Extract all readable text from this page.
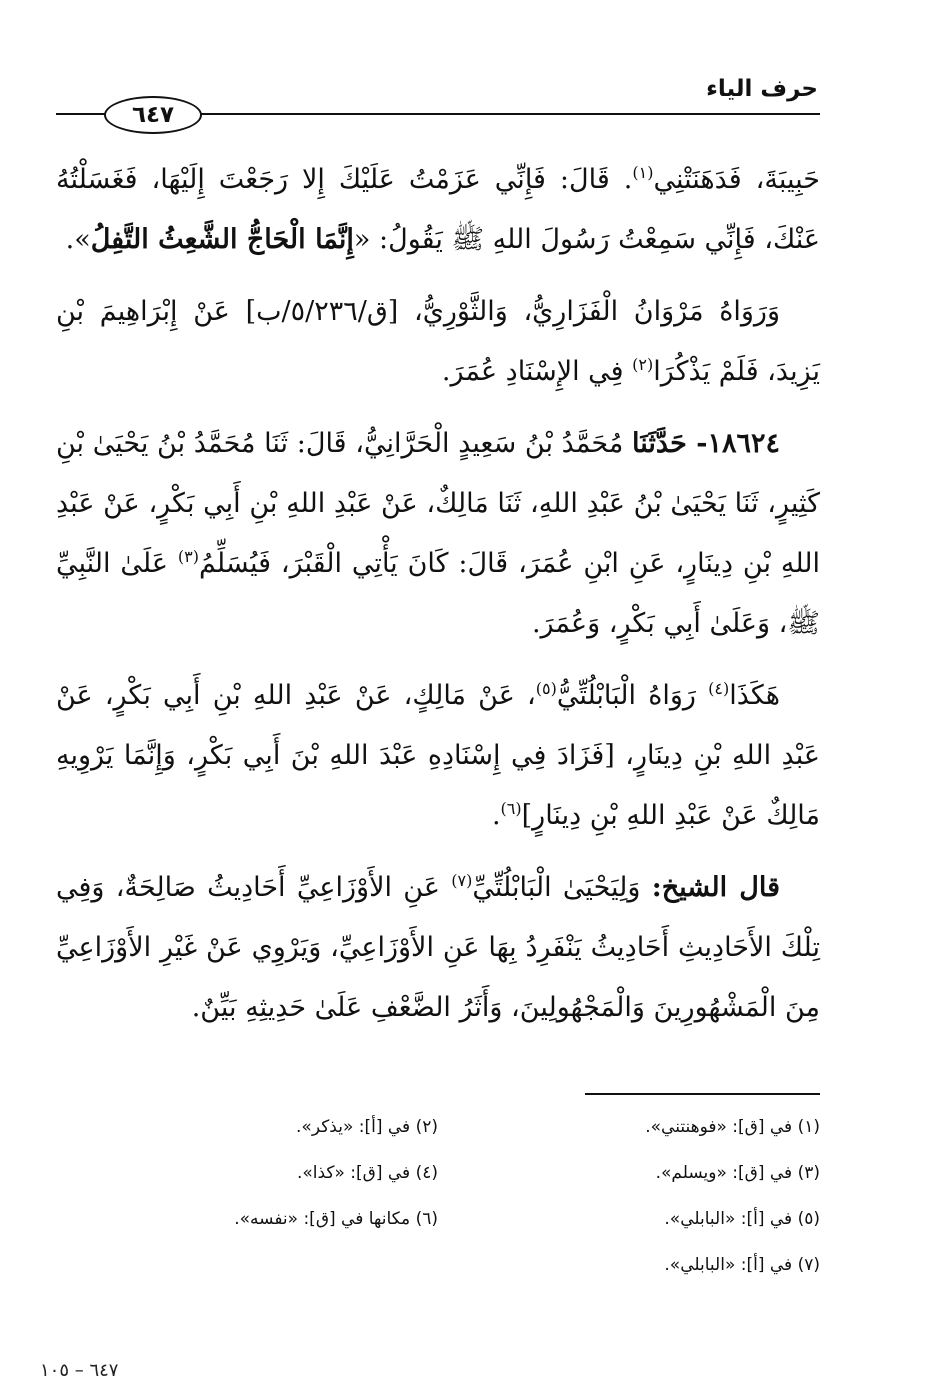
حرف الياء
٦٤٧

حَبِيبَةَ، فَدَهَنَتْنِي$^{(١)}$. قَالَ: فَإِنِّي عَزَمْتُ عَلَيْكَ إِلا رَجَعْتَ إِلَيْهَا، فَغَسَلْتُهُ عَنْكَ، فَإِنِّي سَمِعْتُ رَسُولَ اللهِ ﷺ يَقُولُ: «إِنَّمَا الْحَاجُّ الشَّعِثُ التَّفِلُ».

وَرَوَاهُ مَرْوَانُ الْفَزَارِيُّ، وَالثَّوْرِيُّ، [ق/٥/٢٣٦/ب] عَنْ إِبْرَاهِيمَ بْنِ يَزِيدَ، فَلَمْ يَذْكُرَا$^{(٢)}$ فِي الإِسْنَادِ عُمَرَ.

١٨٦٢٤- حَدَّثَنَا مُحَمَّدُ بْنُ سَعِيدٍ الْحَرَّانِيُّ، قَالَ: ثَنَا مُحَمَّدُ بْنُ يَحْيَىٰ بْنِ كَثِيرٍ، ثَنَا يَحْيَىٰ بْنُ عَبْدِ اللهِ، ثَنَا مَالِكٌ، عَنْ عَبْدِ اللهِ بْنِ أَبِي بَكْرٍ، عَنْ عَبْدِ اللهِ بْنِ دِينَارٍ، عَنِ ابْنِ عُمَرَ، قَالَ: كَانَ يَأْتِي الْقَبْرَ، فَيُسَلِّمُ$^{(٣)}$ عَلَىٰ النَّبِيِّ ﷺ، وَعَلَىٰ أَبِي بَكْرٍ، وَعُمَرَ.

هَكَذَا$^{(٤)}$ رَوَاهُ الْبَابْلُتِّيُّ$^{(٥)}$، عَنْ مَالِكٍ، عَنْ عَبْدِ اللهِ بْنِ أَبِي بَكْرٍ، عَنْ عَبْدِ اللهِ بْنِ دِينَارٍ، [فَزَادَ فِي إِسْنَادِهِ عَبْدَ اللهِ بْنَ أَبِي بَكْرٍ، وَإِنَّمَا يَرْوِيهِ مَالِكٌ عَنْ عَبْدِ اللهِ بْنِ دِينَارٍ]$^{(٦)}$.

قال الشيخ: وَلِيَحْيَىٰ الْبَابْلُتِّيِّ$^{(٧)}$ عَنِ الأَوْزَاعِيِّ أَحَادِيثُ صَالِحَةٌ، وَفِي تِلْكَ الأَحَادِيثِ أَحَادِيثُ يَنْفَرِدُ بِهَا عَنِ الأَوْزَاعِيِّ، وَيَرْوِي عَنْ غَيْرِ الأَوْزَاعِيِّ مِنَ الْمَشْهُورِينَ وَالْمَجْهُولِينَ، وَأَثَرُ الضَّعْفِ عَلَىٰ حَدِيثِهِ بَيِّنٌ.

(١) في [ق]: «فوهنتني».
(٢) في [أ]: «يذكر».
(٣) في [ق]: «ويسلم».
(٤) في [ق]: «كذا».
(٥) في [أ]: «البابلي».
(٦) مكانها في [ق]: «نفسه».
(٧) في [أ]: «البابلي».
٦٤٧ – ١٠٥
